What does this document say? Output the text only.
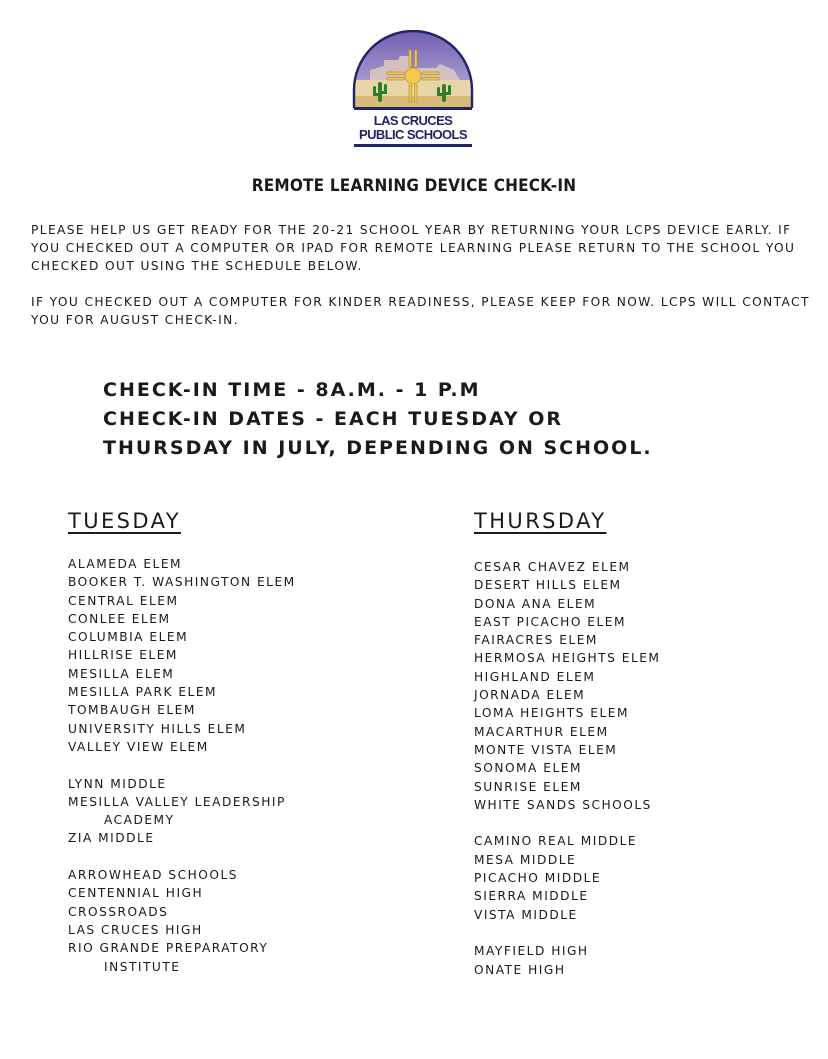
LAS CRUCES
PUBLIC SCHOOLS
REMOTE LEARNING DEVICE CHECK-IN
PLEASE HELP US GET READY FOR THE 20-21 SCHOOL YEAR BY RETURNING YOUR LCPS DEVICE EARLY. IF YOU CHECKED OUT A COMPUTER OR IPAD FOR REMOTE LEARNING PLEASE RETURN TO THE SCHOOL YOU CHECKED OUT USING THE SCHEDULE BELOW.
IF YOU CHECKED OUT A COMPUTER FOR KINDER READINESS, PLEASE KEEP FOR NOW. LCPS WILL CONTACT YOU FOR AUGUST CHECK-IN.
CHECK-IN TIME - 8A.M. - 1 P.M
CHECK-IN DATES - EACH TUESDAY OR
THURSDAY IN JULY, DEPENDING ON SCHOOL.
TUESDAY
ALAMEDA ELEM
BOOKER T. WASHINGTON ELEM
CENTRAL ELEM
CONLEE ELEM
COLUMBIA ELEM
HILLRISE ELEM
MESILLA ELEM
MESILLA PARK ELEM
TOMBAUGH ELEM
UNIVERSITY HILLS ELEM
VALLEY VIEW ELEM
LYNN MIDDLE
MESILLA VALLEY LEADERSHIP
ACADEMY
ZIA MIDDLE
ARROWHEAD SCHOOLS
CENTENNIAL HIGH
CROSSROADS
LAS CRUCES HIGH
RIO GRANDE PREPARATORY
INSTITUTE
THURSDAY
CESAR CHAVEZ ELEM
DESERT HILLS ELEM
DONA ANA ELEM
EAST PICACHO ELEM
FAIRACRES ELEM
HERMOSA HEIGHTS ELEM
HIGHLAND ELEM
JORNADA ELEM
LOMA HEIGHTS ELEM
MACARTHUR ELEM
MONTE VISTA ELEM
SONOMA ELEM
SUNRISE ELEM
WHITE SANDS SCHOOLS
CAMINO REAL MIDDLE
MESA MIDDLE
PICACHO MIDDLE
SIERRA MIDDLE
VISTA MIDDLE
MAYFIELD HIGH
ONATE HIGH
